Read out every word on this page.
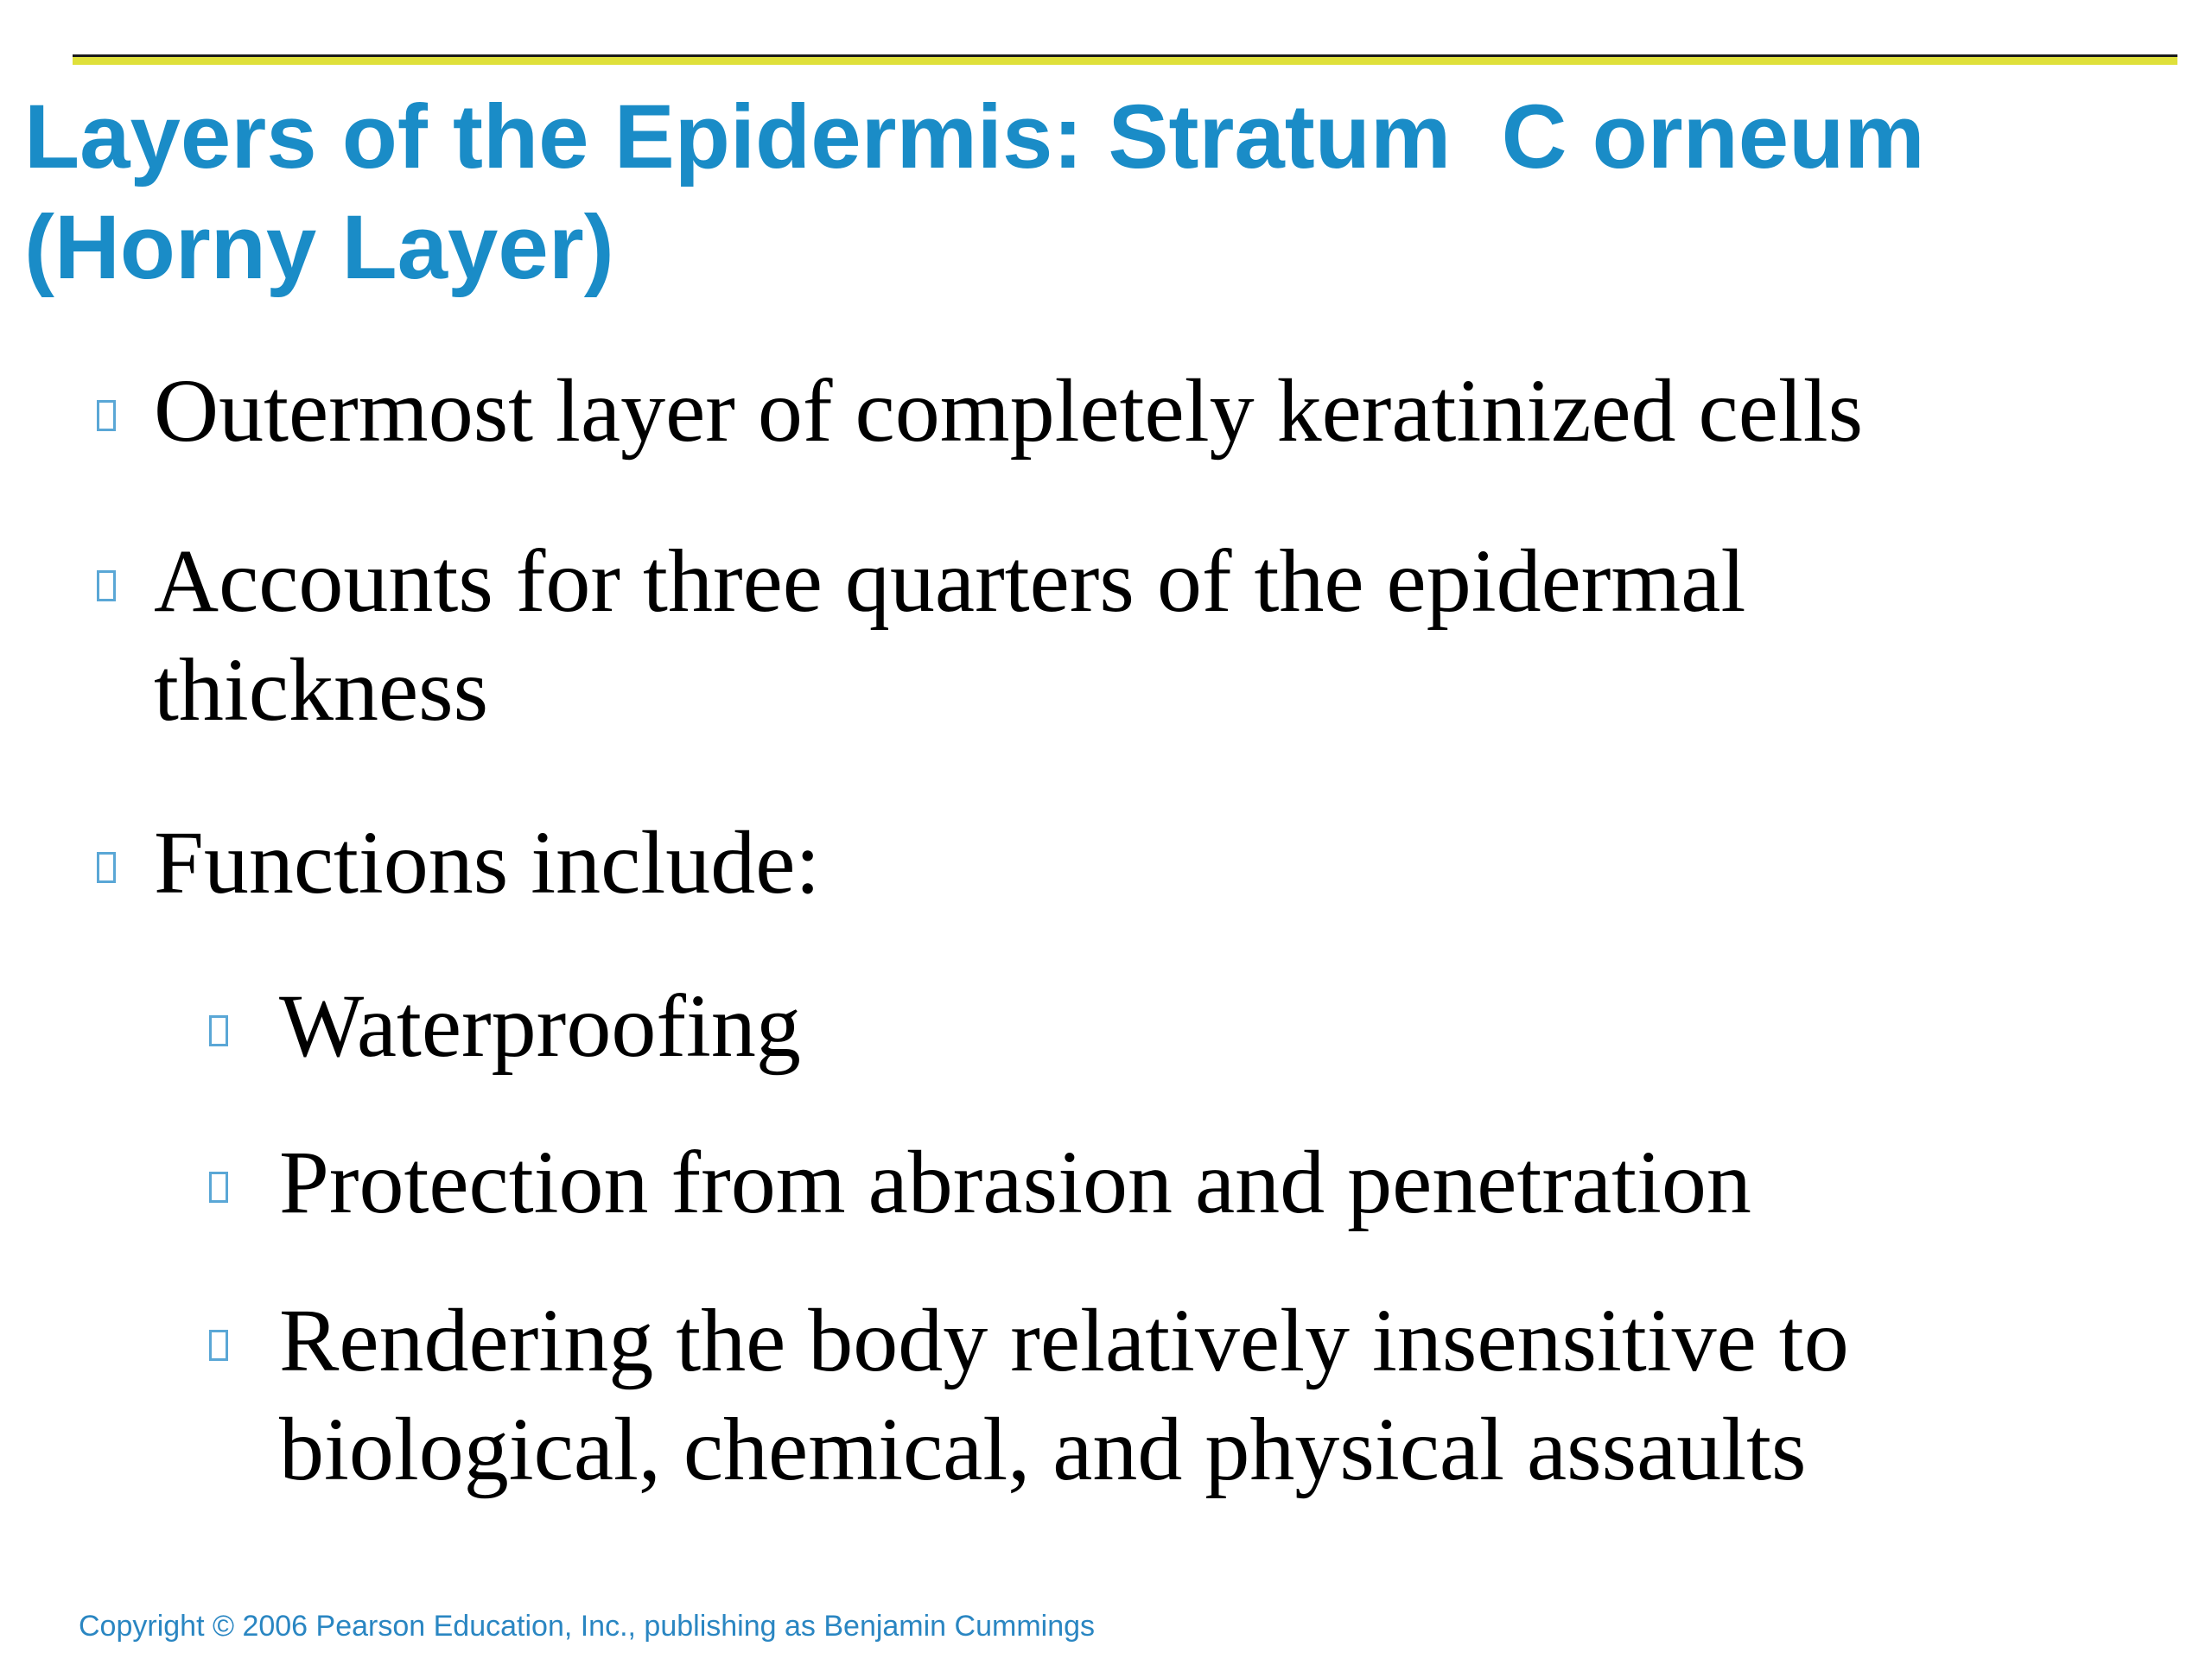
Layers of the Epidermis: Stratum  C orneum
(Horny Layer)
Outermost layer of completely keratinized cells
Accounts for three quarters of the epidermal
thickness
Functions include:
Waterproofing
Protection from abrasion and penetration
Rendering the body relatively insensitive to
biological, chemical, and physical assaults
Copyright © 2006 Pearson Education, Inc., publishing as Benjamin Cummings
